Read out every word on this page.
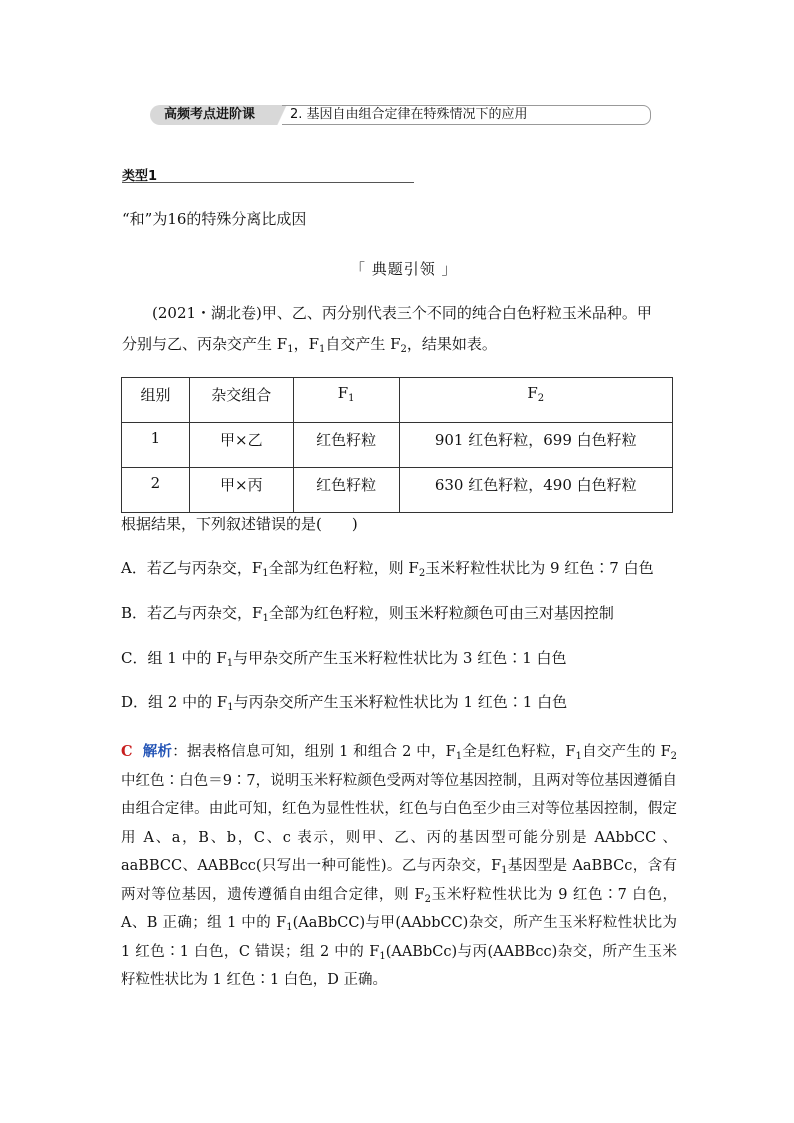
高频考点进阶课	2. 基因自由组合定律在特殊情况下的应用
类型1
“和”为16的特殊分离比成因
「 典题引领 」
(2021・湖北卷)甲、乙、丙分别代表三个不同的纯合白色籽粒玉米品种。甲
分别与乙、丙杂交产生 $F_1$，$F_1$自交产生 $F_2$，结果如表。
组别	杂交组合	$F_1$	$F_2$
1	甲×乙	红色籽粒	901 红色籽粒，699 白色籽粒
2	甲×丙	红色籽粒	630 红色籽粒，490 白色籽粒
根据结果，下列叙述错误的是(　　)
A．若乙与丙杂交，$F_1$全部为红色籽粒，则 $F_2$玉米籽粒性状比为 9 红色∶7 白色
B．若乙与丙杂交，$F_1$全部为红色籽粒，则玉米籽粒颜色可由三对基因控制
C．组 1 中的 $F_1$与甲杂交所产生玉米籽粒性状比为 3 红色∶1 白色
D．组 2 中的 $F_1$与丙杂交所产生玉米籽粒性状比为 1 红色∶1 白色
C 解析：据表格信息可知，组别 1 和组合 2 中，$F_1$全是红色籽粒，$F_1$自交产生的 $F_2$中红色∶白色＝9∶7，说明玉米籽粒颜色受两对等位基因控制，且两对等位基因遵循自由组合定律。由此可知，红色为显性性状，红色与白色至少由三对等位基因控制，假定用 A、a，B、b，C、c 表示，则甲、乙、丙的基因型可能分别是 AAbbCC 、aaBBCC、AABBcc(只写出一种可能性)。乙与丙杂交，$F_1$基因型是 AaBBCc，含有两对等位基因，遗传遵循自由组合定律，则 $F_2$玉米籽粒性状比为 9 红色∶7 白色，A、B 正确；组 1 中的 $F_1(AaBbCC)$与甲(AAbbCC)杂交，所产生玉米籽粒性状比为 1 红色∶1 白色，C 错误；组 2 中的 $F_1(AABbCc)$与丙(AABBcc)杂交，所产生玉米籽粒性状比为 1 红色∶1 白色，D 正确。
